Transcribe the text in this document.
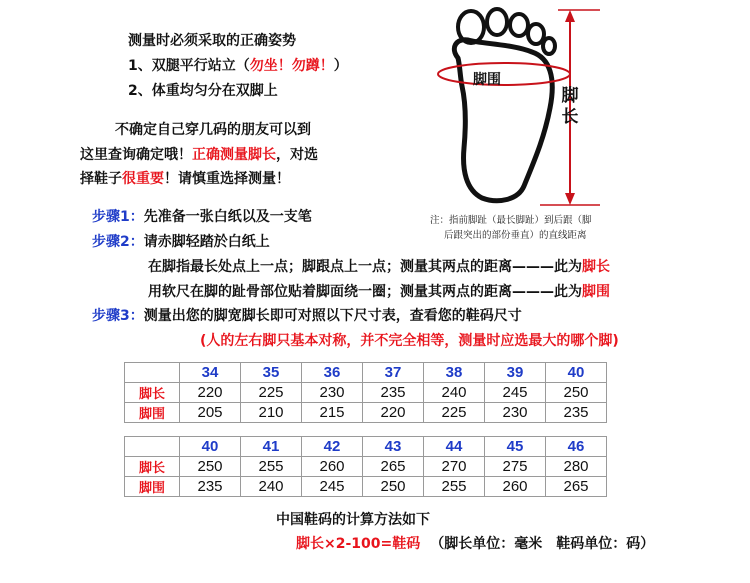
测量时必须采取的正确姿势
1、双腿平行站立（勿坐！勿蹲！）
2、体重均匀分在双脚上
不确定自己穿几码的朋友可以到
这里查询确定哦！正确测量脚长，对选
择鞋子很重要！请慎重选择测量！
脚围
脚长
注：指前脚趾（最长脚趾）到后跟（脚
后跟突出的部份垂直）的直线距离
步骤1：先准备一张白纸以及一支笔
步骤2：请赤脚轻踏於白纸上
在脚指最长处点上一点；脚跟点上一点；测量其两点的距离———此为脚长
用软尺在脚的趾骨部位贴着脚面绕一圈；测量其两点的距离———此为脚围
步骤3：测量出您的脚宽脚长即可对照以下尺寸表，查看您的鞋码尺寸
(人的左右脚只基本对称，并不完全相等，测量时应选最大的哪个脚)
	34	35	36	37	38	39	40
脚长	220	225	230	235	240	245	250
脚围	205	210	215	220	225	230	235
	40	41	42	43	44	45	46
脚长	250	255	260	265	270	275	280
脚围	235	240	245	250	255	260	265
中国鞋码的计算方法如下
脚长×2-100=鞋码 （脚长单位：毫米　鞋码单位：码）
